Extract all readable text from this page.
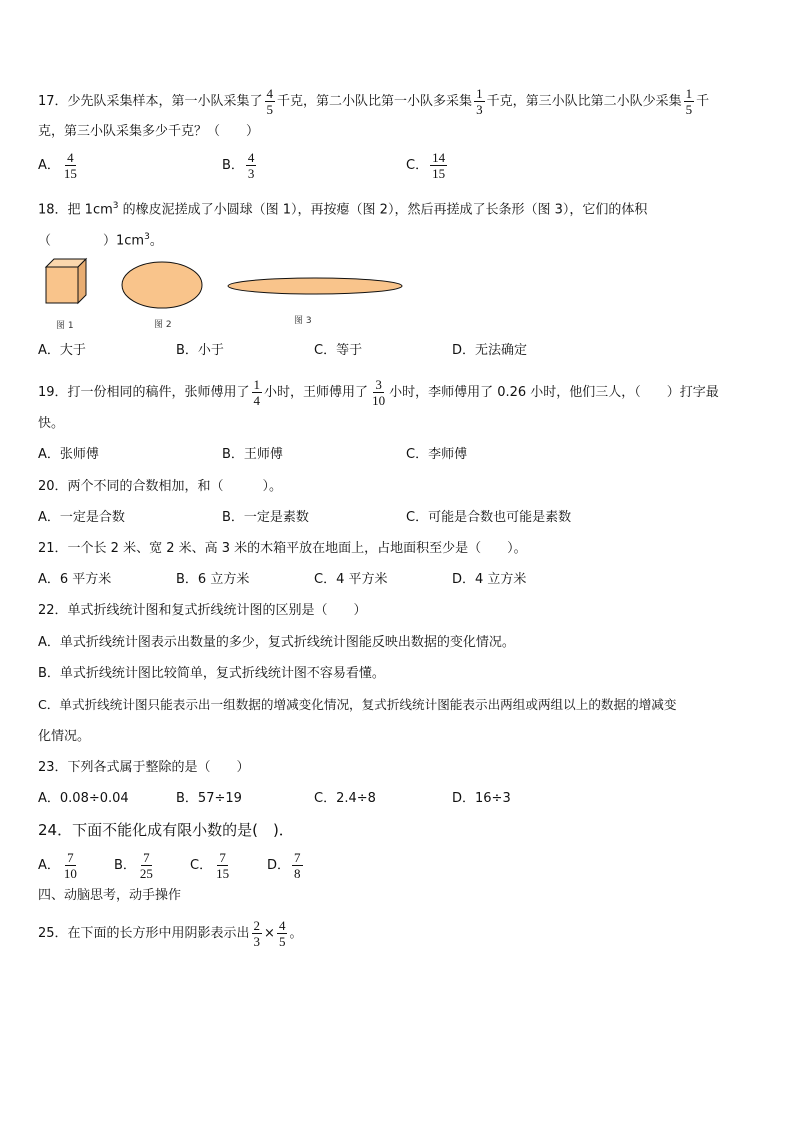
17．少先队采集样本，第一小队采集了 $\frac{4}{5}$ 千克，第二小队比第一小队多采集 $\frac{1}{3}$ 千克，第三小队比第二小队少采集 $\frac{1}{5}$ 千
克，第三小队采集多少千克？（　　）
A． $\frac{4}{15}$	B． $\frac{4}{3}$	C． $\frac{14}{15}$
18．把 $1cm^3$ 的橡皮泥搓成了小圆球（图 1），再按瘪（图 2），然后再搓成了长条形（图 3），它们的体积
（　　　　）$1cm^3$。
图 1	图 2	图 3
A．大于	B．小于	C．等于	D．无法确定
19．打一份相同的稿件，张师傅用了 $\frac{1}{4}$ 小时，王师傅用了 $\frac{3}{10}$ 小时，李师傅用了 0.26 小时，他们三人，（　　）打字最
快。
A．张师傅	B．王师傅	C．李师傅
20．两个不同的合数相加，和（　　　）。
A．一定是合数	B．一定是素数	C．可能是合数也可能是素数
21．一个长 2 米、宽 2 米、高 3 米的木箱平放在地面上，占地面积至少是（　　）。
A．6 平方米	B．6 立方米	C．4 平方米	D．4 立方米
22．单式折线统计图和复式折线统计图的区别是（　　）
A．单式折线统计图表示出数量的多少，复式折线统计图能反映出数据的变化情况。
B．单式折线统计图比较简单，复式折线统计图不容易看懂。
C．单式折线统计图只能表示出一组数据的增减变化情况，复式折线统计图能表示出两组或两组以上的数据的增减变
化情况。
23．下列各式属于整除的是（　　）
A．0.08÷0.04	B．57÷19	C．2.4÷8	D．16÷3
24．下面不能化成有限小数的是(　)．
A． $\frac{7}{10}$	B． $\frac{7}{25}$	C． $\frac{7}{15}$	D． $\frac{7}{8}$
四、动脑思考，动手操作
25．在下面的长方形中用阴影表示出 $\frac{2}{3} \times \frac{4}{5}$ 。
